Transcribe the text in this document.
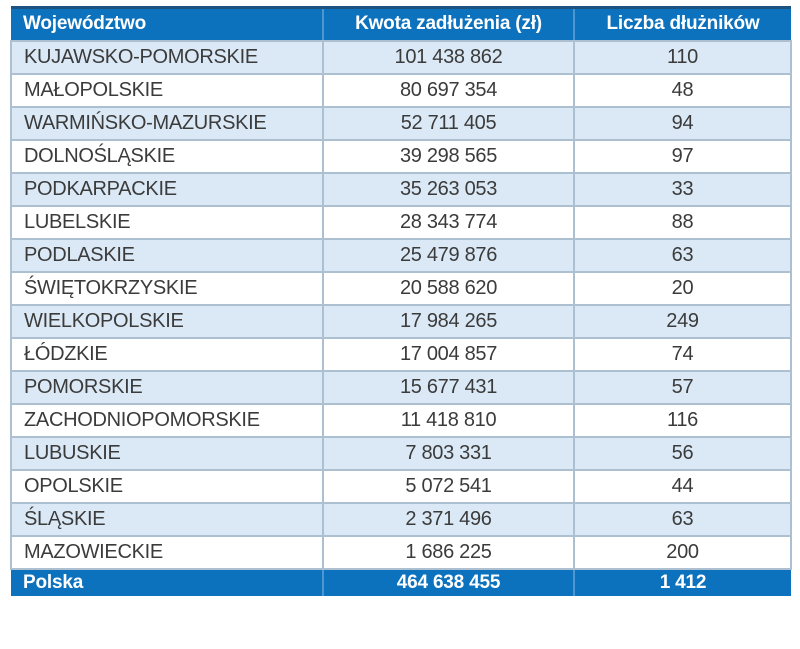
Województwo	Kwota zadłużenia (zł)	Liczba dłużników
KUJAWSKO-POMORSKIE	101 438 862	110
MAŁOPOLSKIE	80 697 354	48
WARMIŃSKO-MAZURSKIE	52 711 405	94
DOLNOŚLĄSKIE	39 298 565	97
PODKARPACKIE	35 263 053	33
LUBELSKIE	28 343 774	88
PODLASKIE	25 479 876	63
ŚWIĘTOKRZYSKIE	20 588 620	20
WIELKOPOLSKIE	17 984 265	249
ŁÓDZKIE	17 004 857	74
POMORSKIE	15 677 431	57
ZACHODNIOPOMORSKIE	11 418 810	116
LUBUSKIE	7 803 331	56
OPOLSKIE	5 072 541	44
ŚLĄSKIE	2 371 496	63
MAZOWIECKIE	1 686 225	200
Polska	464 638 455	1 412
